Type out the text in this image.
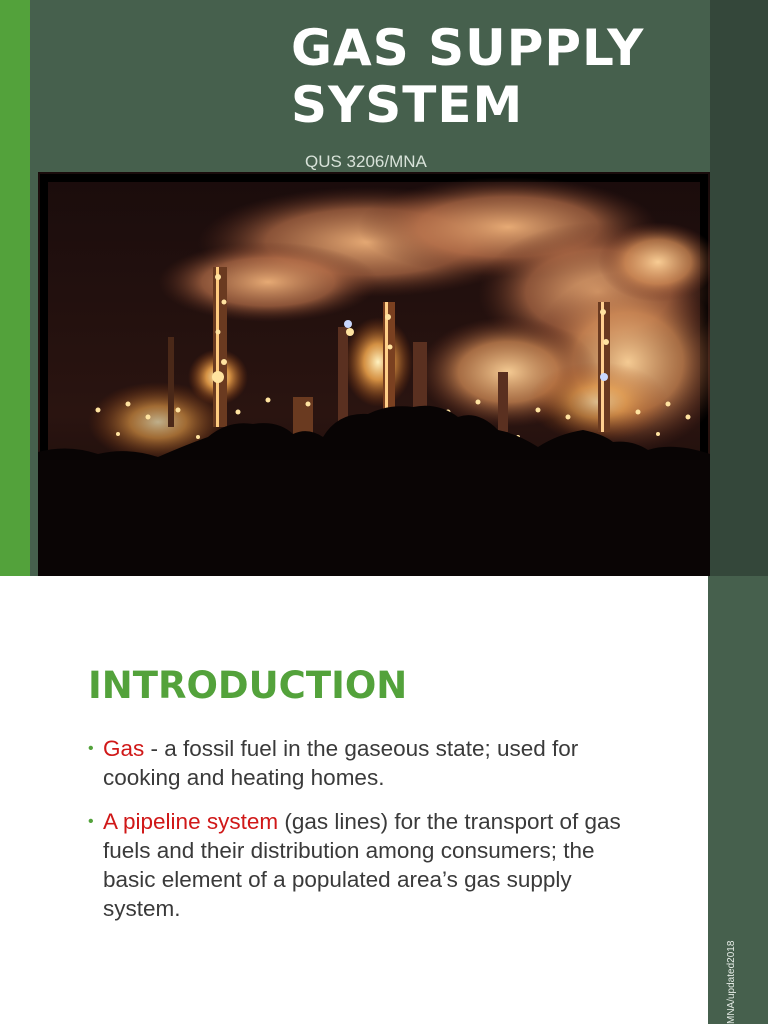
GAS SUPPLY
SYSTEM
QUS 3206/MNA
INTRODUCTION
• Gas - a fossil fuel in the gaseous state; used for cooking and heating homes.
• A pipeline system (gas lines) for the transport of gas fuels and their distribution among consumers; the basic element of a populated area’s gas supply system.
MNA/updated2018
